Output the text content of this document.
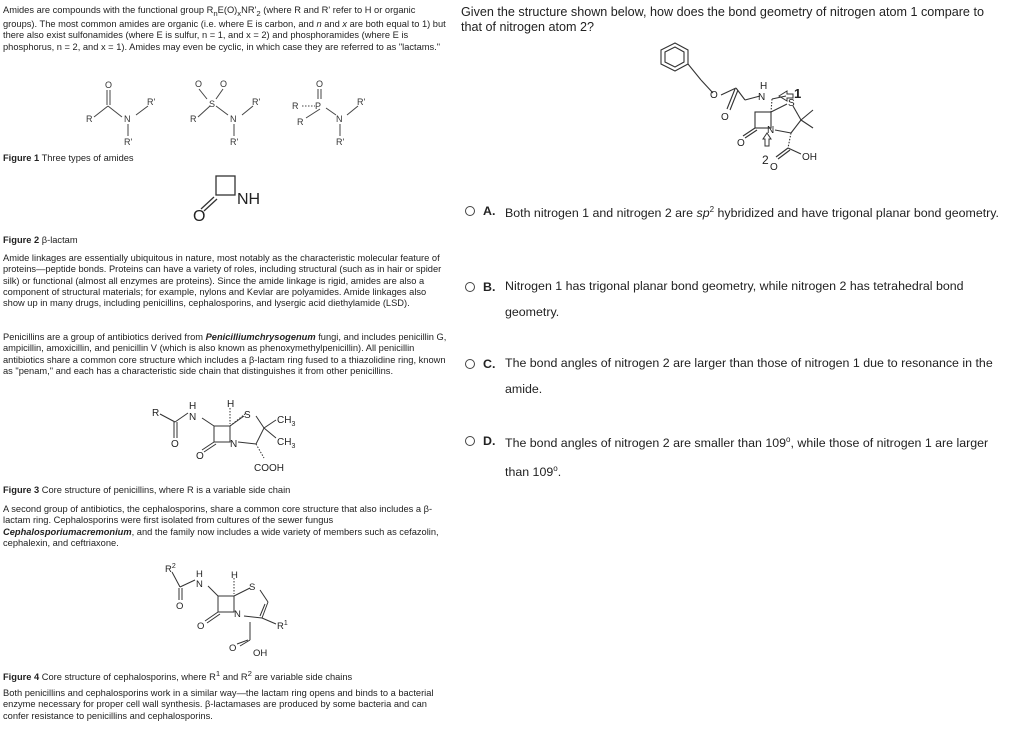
Amides are compounds with the functional group $R_nE(O)_xNR'_2$ (where R and R' refer to H or organic groups). The most common amides are organic (i.e. where E is carbon, and n and x are both equal to 1) but there also exist sulfonamides (where E is sulfur, n = 1, and x = 2) and phosphoramides (where E is phosphorus, n = 2, and x = 1). Amides may even be cyclic, in which case they are referred to as "lactams."

O
R	N
R'
R'
O O
S
R	N
R'
R'
O
R P
R	N
R'
R'
Figure 1 Three types of amides
O
NH
Figure 2 β-lactam

Amide linkages are essentially ubiquitous in nature, most notably as the characteristic molecular feature of proteins—peptide bonds. Proteins can have a variety of roles, including structural (such as in hair or spider silk) or functional (almost all enzymes are proteins). Since the amide linkage is rigid, amides are also a component of structural materials; for example, nylons and Kevlar are polyamides. Amide linkages also show up in many drugs, including penicillins, cephalosporins, and lysergic acid diethylamide (LSD).

Penicillins are a group of antibiotics derived from Penicilliumchrysogenum fungi, and includes penicillin G, ampicillin, amoxicillin, and penicillin V (which is also known as phenoxymethylpenicillin). All penicillin antibiotics share a common core structure which includes a β-lactam ring fused to a thiazolidine ring, known as "penam," and each has a characteristic side chain that distinguishes it from other penicillins.

R
H
N
H
S
O
O
N
$CH_3$
$CH_3$
COOH
Figure 3 Core structure of penicillins, where R is a variable side chain

A second group of antibiotics, the cephalosporins, share a common core structure that also includes a β-lactam ring. Cephalosporins were first isolated from cultures of the sewer fungus Cephalosporiumacremonium, and the family now includes a wide variety of members such as cefazolin, cephalexin, and ceftriaxone.

$R^2$
H
N
H
S
O
O
N
$R^1$
O OH
Figure 4 Core structure of cephalosporins, where $R^1$ and $R^2$ are variable side chains

Both penicillins and cephalosporins work in a similar way—the lactam ring opens and binds to a bacterial enzyme necessary for proper cell wall synthesis. β-lactamases are produced by some bacteria and can confer resistance to penicillins and cephalosporins.

Given the structure shown below, how does the bond geometry of nitrogen atom 1 compare to that of nitrogen atom 2?
O
O
H
N 1
S
N
O
2
O
OH
A. Both nitrogen 1 and nitrogen 2 are $sp^2$ hybridized and have trigonal planar bond geometry.
B. Nitrogen 1 has trigonal planar bond geometry, while nitrogen 2 has tetrahedral bond geometry.
C. The bond angles of nitrogen 2 are larger than those of nitrogen 1 due to resonance in the amide.
D. The bond angles of nitrogen 2 are smaller than 109$^o$, while those of nitrogen 1 are larger than 109$^o$.
